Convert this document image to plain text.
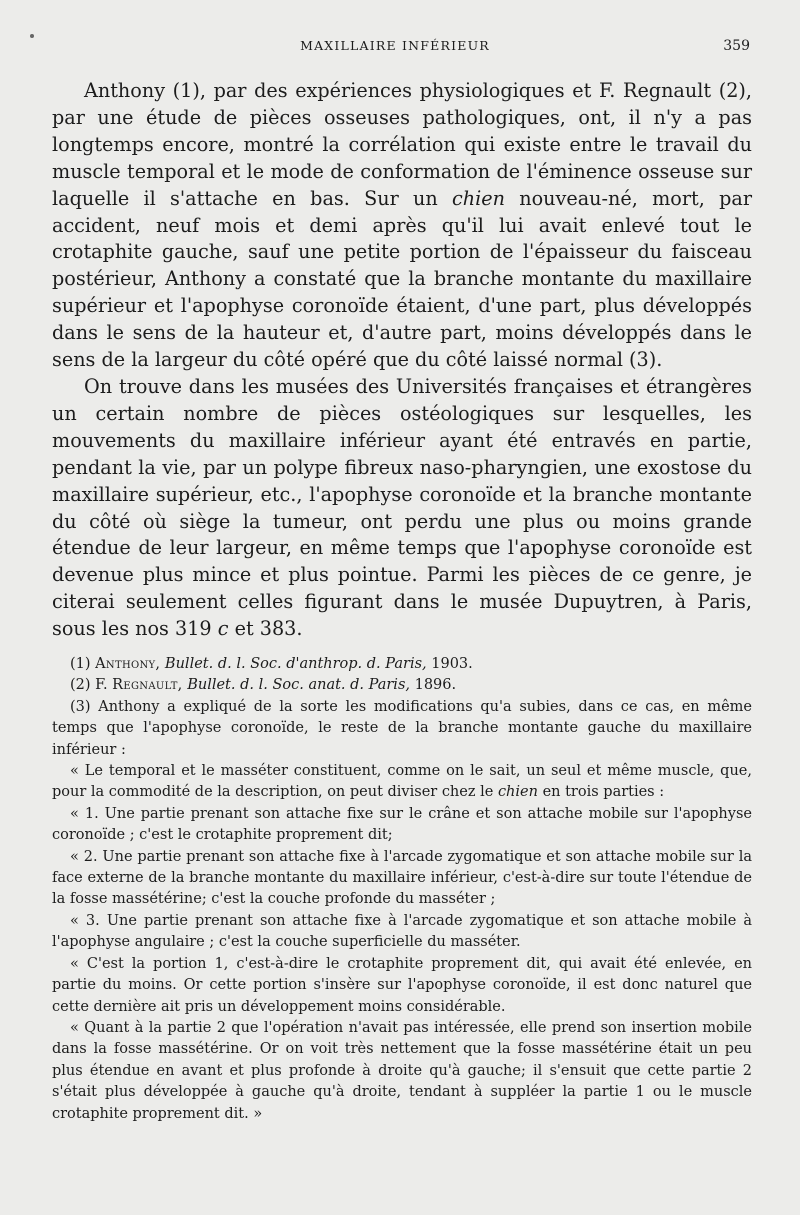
MAXILLAIRE INFÉRIEUR	359

Anthony (1), par des expériences physiologiques et F. Regnault (2), par une étude de pièces osseuses pathologiques, ont, il n'y a pas longtemps encore, montré la corrélation qui existe entre le travail du muscle temporal et le mode de conformation de l'éminence osseuse sur laquelle il s'attache en bas. Sur un chien nouveau-né, mort, par accident, neuf mois et demi après qu'il lui avait enlevé tout le crotaphite gauche, sauf une petite portion de l'épaisseur du faisceau postérieur, Anthony a constaté que la branche montante du maxillaire supérieur et l'apophyse coronoïde étaient, d'une part, plus développés dans le sens de la hauteur et, d'autre part, moins développés dans le sens de la largeur du côté opéré que du côté laissé normal (3).

On trouve dans les musées des Universités françaises et étrangères un certain nombre de pièces ostéologiques sur lesquelles, les mouvements du maxillaire inférieur ayant été entravés en partie, pendant la vie, par un polype fibreux naso-pharyngien, une exostose du maxillaire supérieur, etc., l'apophyse coronoïde et la branche montante du côté où siège la tumeur, ont perdu une plus ou moins grande étendue de leur largeur, en même temps que l'apophyse coronoïde est devenue plus mince et plus pointue. Parmi les pièces de ce genre, je citerai seulement celles figurant dans le musée Dupuytren, à Paris, sous les nos 319 c et 383.

(1) Anthony, Bullet. d. l. Soc. d'anthrop. d. Paris, 1903.

(2) F. Regnault, Bullet. d. l. Soc. anat. d. Paris, 1896.

(3) Anthony a expliqué de la sorte les modifications qu'a subies, dans ce cas, en même temps que l'apophyse coronoïde, le reste de la branche montante gauche du maxillaire inférieur :

« Le temporal et le masséter constituent, comme on le sait, un seul et même muscle, que, pour la commodité de la description, on peut diviser chez le chien en trois parties :

« 1. Une partie prenant son attache fixe sur le crâne et son attache mobile sur l'apophyse coronoïde ; c'est le crotaphite proprement dit;

« 2. Une partie prenant son attache fixe à l'arcade zygomatique et son attache mobile sur la face externe de la branche montante du maxillaire inférieur, c'est-à-dire sur toute l'étendue de la fosse massétérine; c'est la couche profonde du masséter ;

« 3. Une partie prenant son attache fixe à l'arcade zygomatique et son attache mobile à l'apophyse angulaire ; c'est la couche superficielle du masséter.

« C'est la portion 1, c'est-à-dire le crotaphite proprement dit, qui avait été enlevée, en partie du moins. Or cette portion s'insère sur l'apophyse coronoïde, il est donc naturel que cette dernière ait pris un développement moins considérable.

« Quant à la partie 2 que l'opération n'avait pas intéressée, elle prend son insertion mobile dans la fosse massétérine. Or on voit très nettement que la fosse massétérine était un peu plus étendue en avant et plus profonde à droite qu'à gauche; il s'ensuit que cette partie 2 s'était plus développée à gauche qu'à droite, tendant à suppléer la partie 1 ou le muscle crotaphite proprement dit. »
